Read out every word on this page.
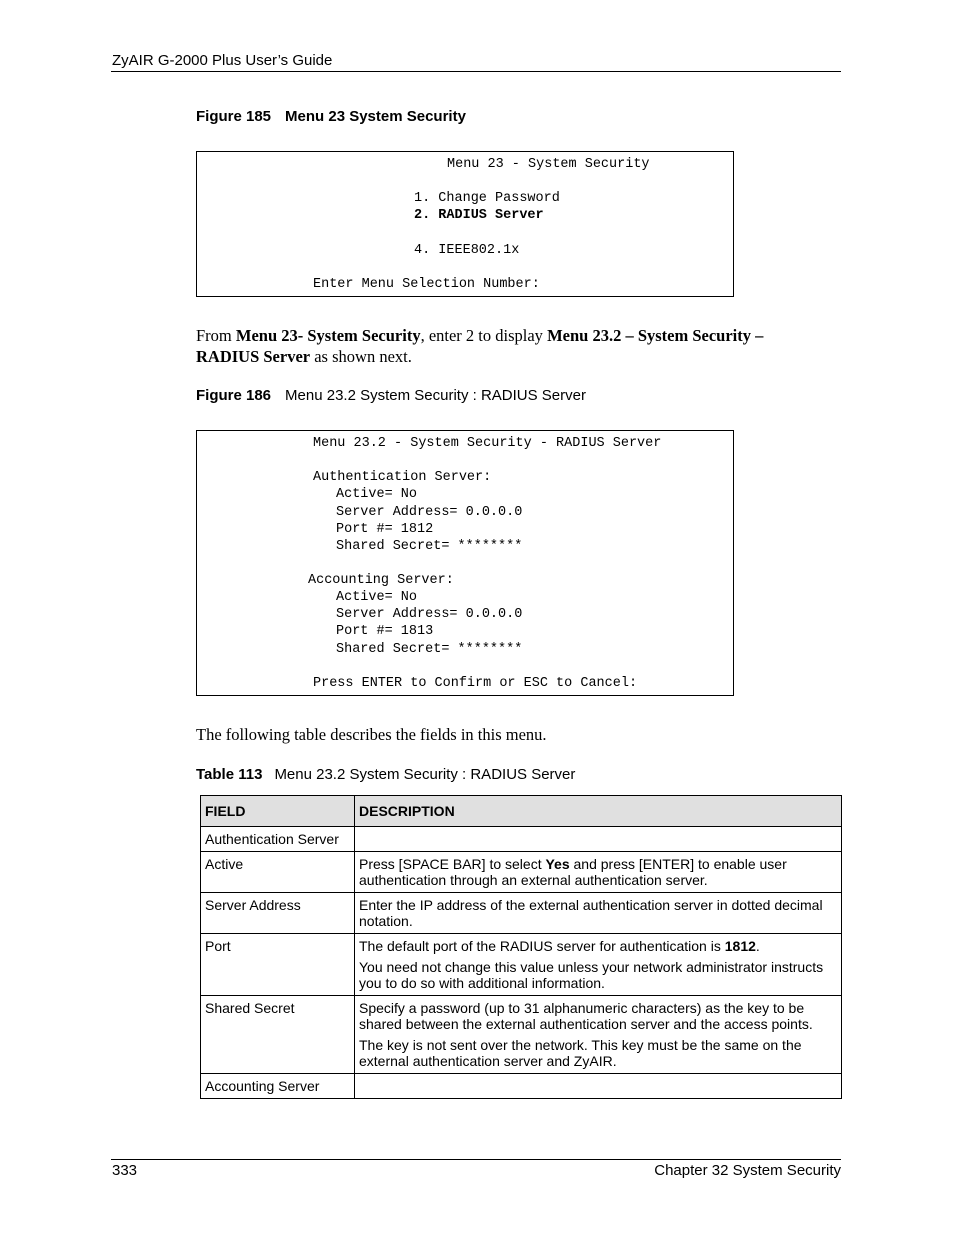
ZyAIR G-2000 Plus User’s Guide
Figure 185 Menu 23 System Security
Menu 23 - System Security
1. Change Password
2. RADIUS Server
4. IEEE802.1x
Enter Menu Selection Number:
From Menu 23- System Security, enter 2 to display Menu 23.2 – System Security – RADIUS Server as shown next.
Figure 186 Menu 23.2 System Security : RADIUS Server
Menu 23.2 - System Security - RADIUS Server
Authentication Server:
Active= No
Server Address= 0.0.0.0
Port #= 1812
Shared Secret= ********
Accounting Server:
Active= No
Server Address= 0.0.0.0
Port #= 1813
Shared Secret= ********
Press ENTER to Confirm or ESC to Cancel:
The following table describes the fields in this menu.
Table 113 Menu 23.2 System Security : RADIUS Server
FIELD	DESCRIPTION
Authentication Server	
Active	Press [SPACE BAR] to select Yes and press [ENTER] to enable user authentication through an external authentication server.
Server Address	Enter the IP address of the external authentication server in dotted decimal notation.
Port	The default port of the RADIUS server for authentication is 1812.

You need not change this value unless your network administrator instructs you to do so with additional information.

Shared Secret	Specify a password (up to 31 alphanumeric characters) as the key to be shared between the external authentication server and the access points.

The key is not sent over the network. This key must be the same on the external authentication server and ZyAIR.

Accounting Server	
333	Chapter 32 System Security
